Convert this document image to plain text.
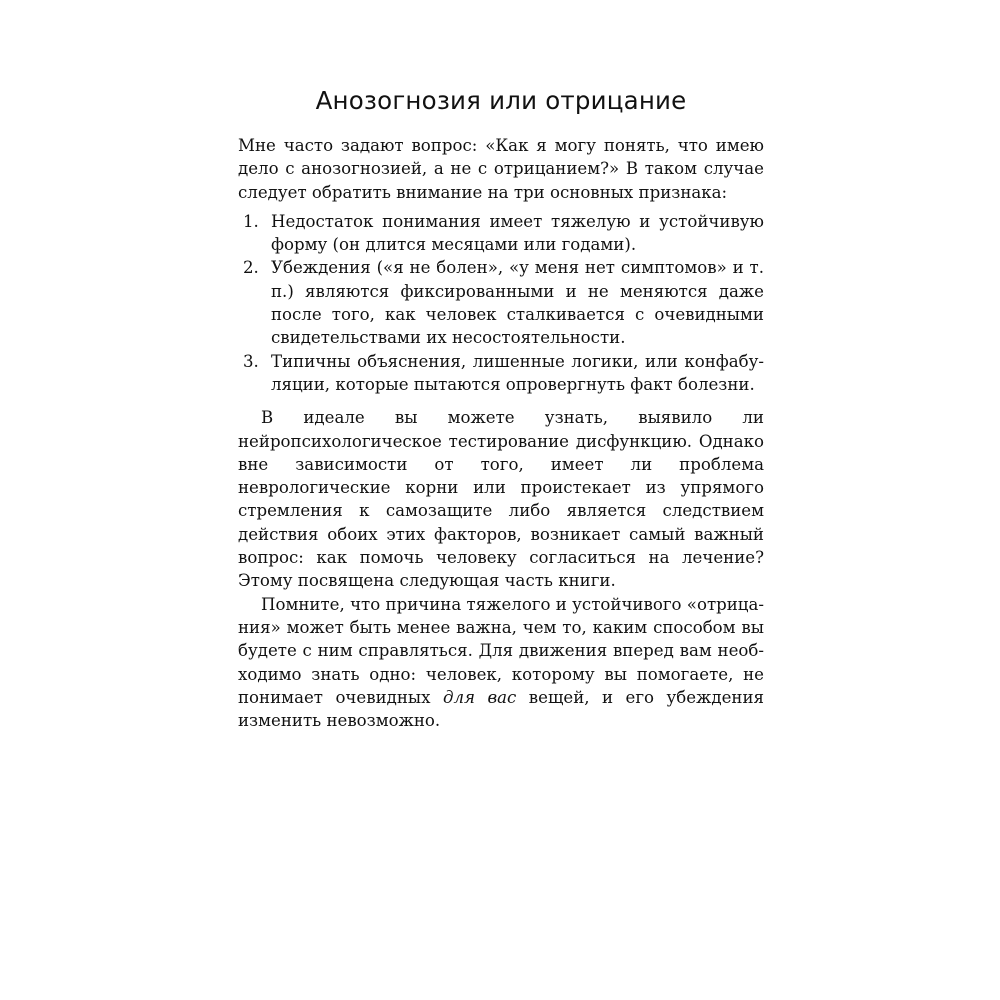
Анозогнозия или отрицание

Мне часто задают вопрос: «Как я могу понять, что имею дело с анозогнозией, а не с отрицанием?» В таком случае следует обратить внимание на три основных признака:

1. Недостаток понимания имеет тяжелую и устойчивую форму (он длится месяцами или годами).
2. Убеждения («я не болен», «у меня нет симптомов» и т. п.) являются фиксированными и не меняются даже после того, как человек сталкивается с очевидными свидетельствами их несостоятельности.
3. Типичны объяснения, лишенные логики, или конфабуляции, которые пытаются опровергнуть факт болезни.

В идеале вы можете узнать, выявило ли нейропсихологическое тестирование дисфункцию. Однако вне зависимости от того, имеет ли проблема неврологические корни или проистекает из упрямого стремления к самозащите либо является следствием действия обоих этих факторов, возникает самый важный вопрос: как помочь человеку согласиться на лечение? Этому посвящена следующая часть книги.

Помните, что причина тяжелого и устойчивого «отрицания» может быть менее важна, чем то, каким способом вы будете с ним справляться. Для движения вперед вам необходимо знать одно: человек, которому вы помогаете, не понимает очевидных для вас вещей, и его убеждения изменить невозможно.
